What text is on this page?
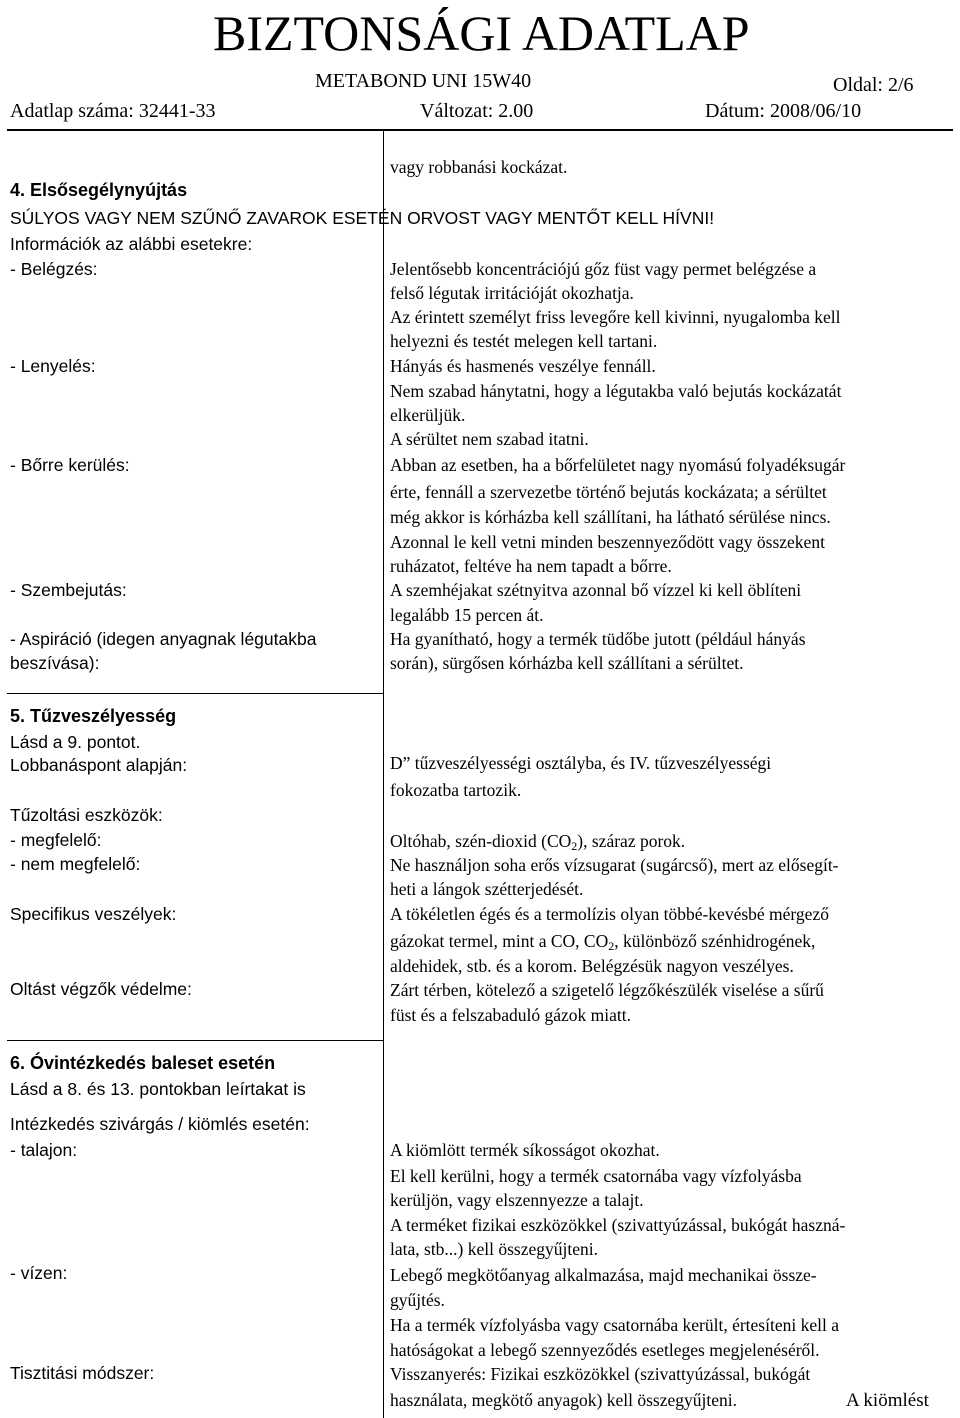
BIZTONSÁGI ADATLAP
METABOND UNI 15W40	Oldal: 2/6
Adatlap száma: 32441-33	Változat: 2.00	Dátum: 2008/06/10
vagy robbanási kockázat.
4. Elsősegélynyújtás
SÚLYOS VAGY NEM SZŰNŐ ZAVAROK ESETÉN ORVOST VAGY MENTŐT KELL HÍVNI!
Információk az alábbi esetekre:
- Belégzés:	Jelentősebb koncentrációjú gőz füst vagy permet belégzése a
felső légutak irritációját okozhatja.
Az érintett személyt friss levegőre kell kivinni, nyugalomba kell
helyezni és testét melegen kell tartani.
- Lenyelés:	Hányás és hasmenés veszélye fennáll.
Nem szabad hánytatni, hogy a légutakba való bejutás kockázatát
elkerüljük.
A sérültet nem szabad itatni.
- Bőrre kerülés:	Abban az esetben, ha a bőrfelületet nagy nyomású folyadéksugár
érte, fennáll a szervezetbe történő bejutás kockázata; a sérültet
még akkor is kórházba kell szállítani, ha látható sérülése nincs.
Azonnal le kell vetni minden beszennyeződött vagy összekent
ruházatot, feltéve ha nem tapadt a bőrre.
- Szembejutás:	A szemhéjakat szétnyitva azonnal bő vízzel ki kell öblíteni
legalább 15 percen át.
- Aspiráció (idegen anyagnak légutakba
beszívása):
Ha gyanítható, hogy a termék tüdőbe jutott (például hányás
során), sürgősen kórházba kell szállítani a sérültet.
5. Tűzveszélyesség
Lásd a 9. pontot.
Lobbanáspont alapján:	D” tűzveszélyességi osztályba, és IV. tűzveszélyességi
fokozatba tartozik.
Tűzoltási eszközök:
- megfelelő:	Oltóhab, szén-dioxid $(CO_2)$, száraz porok.
- nem megfelelő:	Ne használjon soha erős vízsugarat (sugárcső), mert az elősegít-
heti a lángok szétterjedését.
Specifikus veszélyek:	A tökéletlen égés és a termolízis olyan többé-kevésbé mérgező
gázokat termel, mint a CO, $CO_2$, különböző szénhidrogének,
aldehidek, stb. és a korom. Belégzésük nagyon veszélyes.
Oltást végzők védelme:	Zárt térben, kötelező a szigetelő légzőkészülék viselése a sűrű
füst és a felszabaduló gázok miatt.
6. Óvintézkedés baleset esetén
Lásd a 8. és 13. pontokban leírtakat is
Intézkedés szivárgás / kiömlés esetén:
- talajon:	A kiömlött termék síkosságot okozhat.
El kell kerülni, hogy a termék csatornába vagy vízfolyásba
kerüljön, vagy elszennyezze a talajt.
A terméket fizikai eszközökkel (szivattyúzással, bukógát haszná-
lata, stb...) kell összegyűjteni.
- vízen:	Lebegő megkötőanyag alkalmazása, majd mechanikai össze-
gyűjtés.
Ha a termék vízfolyásba vagy csatornába került, értesíteni kell a
hatóságokat a lebegő szennyeződés esetleges megjelenéséről.
Tisztitási módszer:	Visszanyerés: Fizikai eszközökkel (szivattyúzással, bukógát
használata, megkötő anyagok) kell összegyűjteni.	A kiömlést
